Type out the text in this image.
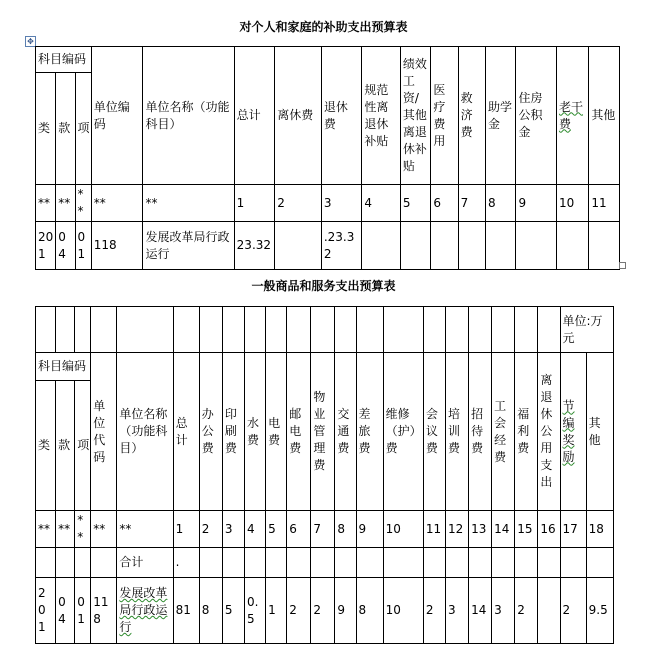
对个人和家庭的补助支出预算表
✥
科目编码			单位编码	单位名称（功能科目）	总计	离休费	退休费	规范性离退休补贴	绩效工资/其他离退休补贴	医疗费用	救济费	助学金	住房公积金	老干费	其他
类	款	项													
**	**	**	**	**	1	2	3	4	5	6	7	8	9	10	11
201	04	01	118	发展改革局行政运行	23.32		.23.32								
一般商品和服务支出预算表
																					单位:万元	
科目编码			单位代码	单位名称（功能科目）	总计	办公费	印刷费	水费	电费	邮电费	物业管理费	交通费	差旅费	维修（护）费	会议费	培训费	招待费	工会经费	福利费	离退休公用支出	节编奖励	其他
类	款	项																				
**	**	**	**	**	1	2	3	4	5	6	7	8	9	10	11	12	13	14	15	16	17	18
				合计	.																	
201	04	01	118	发展改革局行政运行	81	8	5	0.5	1	2	2	9	8	10	2	3	14	3	2		2	9.5
